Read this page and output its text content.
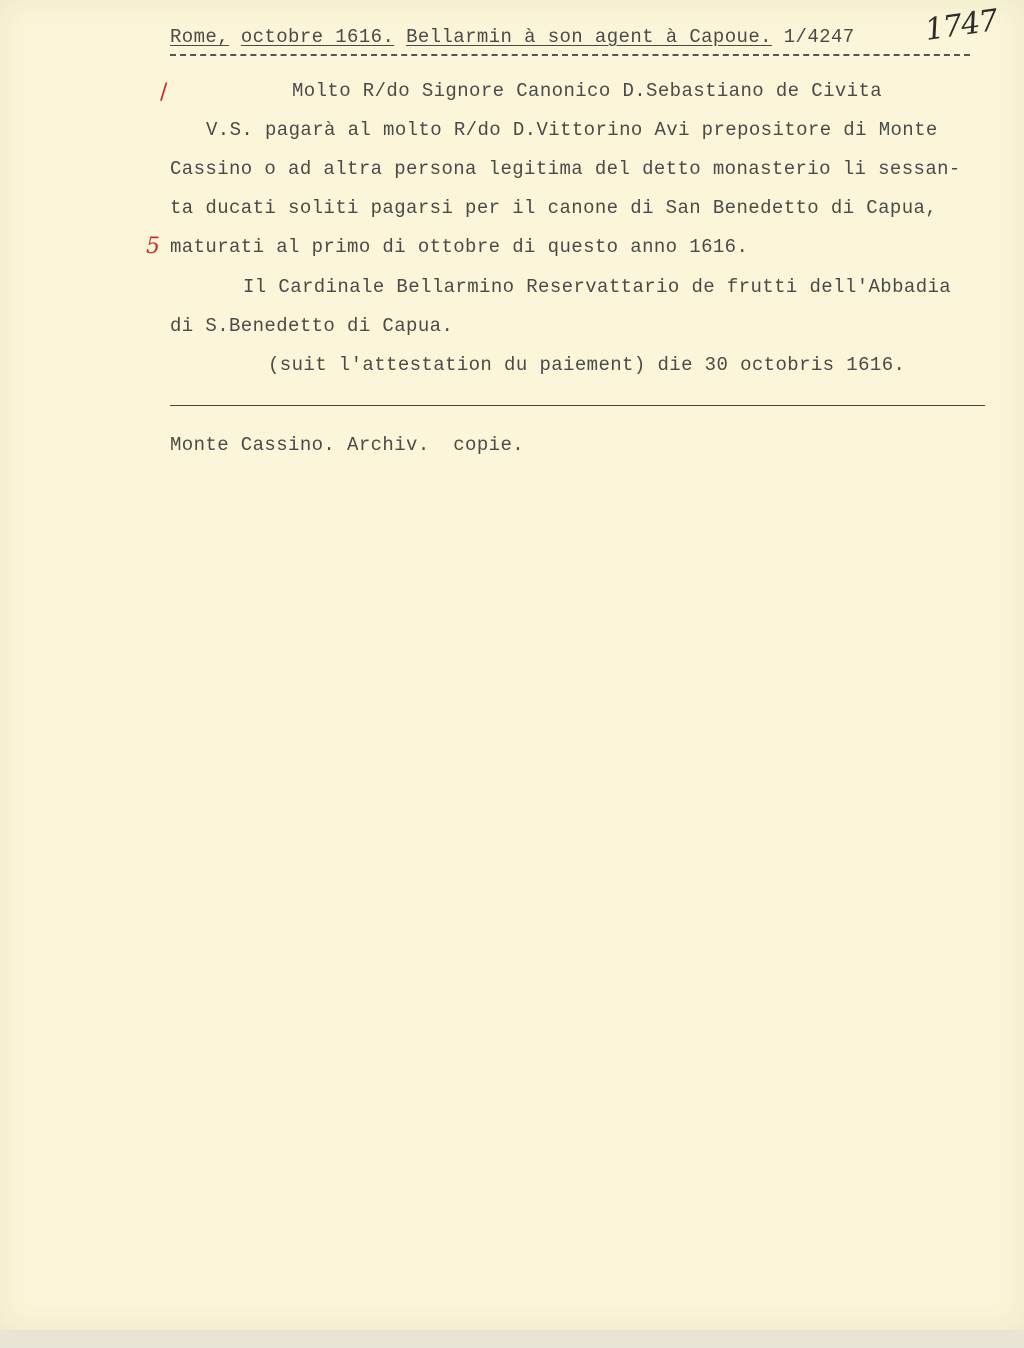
Rome, octobre 1616. Bellarmin à son agent à Capoue. 1/4247 1747
/	Molto R/do Signore Canonico D.Sebastiano de Civita
V.S. pagarà al molto R/do D.Vittorino Avi prepositore di Monte
Cassino o ad altra persona legitima del detto monasterio li sessan-
ta ducati soliti pagarsi per il canone di San Benedetto di Capua,
5 maturati al primo di ottobre di questo anno 1616.
Il Cardinale Bellarmino Reservattario de frutti dell'Abbadia
di S.Benedetto di Capua.
(suit l'attestation du paiement) die 30 octobris 1616.
Monte Cassino. Archiv.  copie.
